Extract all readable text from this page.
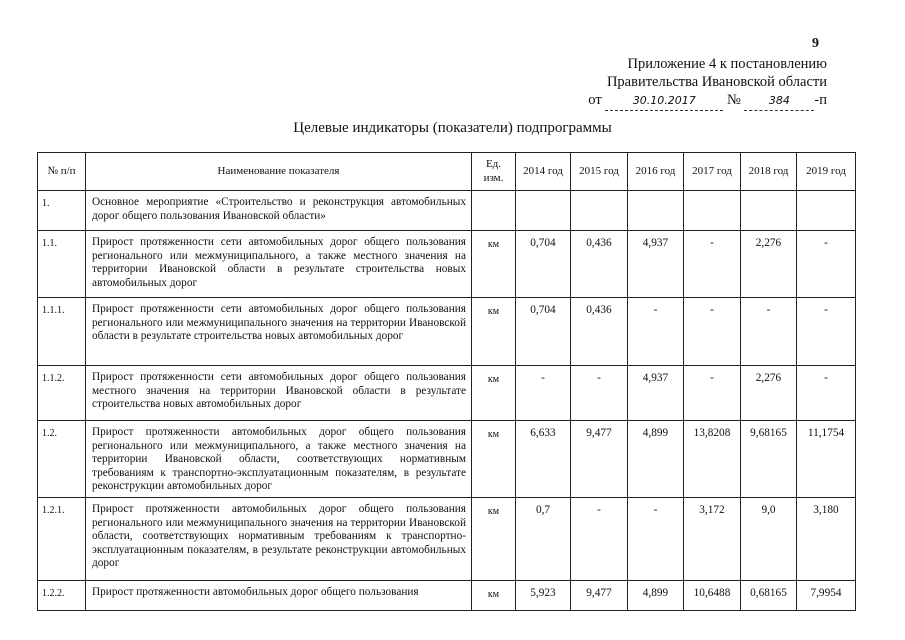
9
Приложение 4 к постановлению
Правительства Ивановской области
от	30.10.2017 №	384 -п
Целевые индикаторы (показатели) подпрограммы
№ п/п	Наименование показателя	Ед. изм.	2014 год	2015 год	2016 год	2017 год	2018 год	2019 год
1.	Основное мероприятие «Строительство и реконструкция автомобильных дорог общего пользования Ивановской области»							
1.1.	Прирост протяженности сети автомобильных дорог общего пользования регионального или межмуниципального, а также местного значения на территории Ивановской области в результате строительства новых автомобильных дорог	км	0,704	0,436	4,937	-	2,276	-
1.1.1.	Прирост протяженности сети автомобильных дорог общего пользования регионального или межмуниципального значения на территории Ивановской области в результате строительства новых автомобильных дорог	км	0,704	0,436	-	-	-	-
1.1.2.	Прирост протяженности сети автомобильных дорог общего пользования местного значения на территории Ивановской области в результате строительства новых автомобильных дорог	км	-	-	4,937	-	2,276	-
1.2.	Прирост протяженности автомобильных дорог общего пользования регионального или межмуниципального, а также местного значения на территории Ивановской области, соответствующих нормативным требованиям к транспортно-эксплуатационным показателям, в результате реконструкции автомобильных дорог	км	6,633	9,477	4,899	13,8208	9,68165	11,1754
1.2.1.	Прирост протяженности автомобильных дорог общего пользования регионального или межмуниципального значения на территории Ивановской области, соответствующих нормативным требованиям к транспортно-эксплуатационным показателям, в результате реконструкции автомобильных дорог	км	0,7	-	-	3,172	9,0	3,180
1.2.2.	Прирост протяженности автомобильных дорог общего пользования	км	5,923	9,477	4,899	10,6488	0,68165	7,9954
